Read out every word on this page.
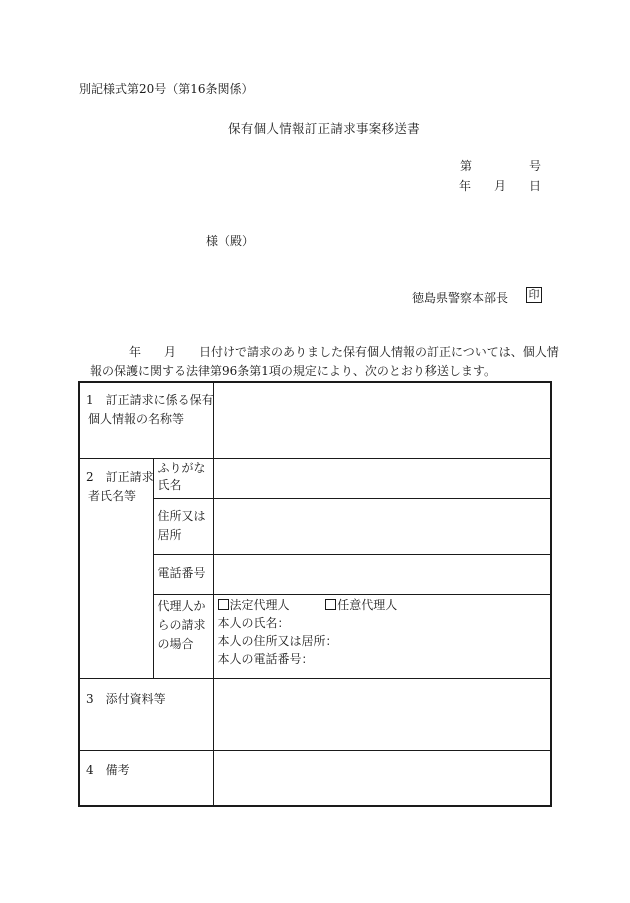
別記様式第20号（第16条関係）
保有個人情報訂正請求事案移送書
第	号
年 月 日
様（殿）
徳島県警察本部長 印
年 月 日付けで請求のありました保有個人情報の訂正については、個人情
報の保護に関する法律第96条第1項の規定により、次のとおり移送します。
1　訂正請求に係る保有
個人情報の名称等		

2　訂正請求
者氏名等	ふりがな
氏名	

	住所又は
居所	

	電話番号	

	代理人か
らの請求
の場合	法定代理人 任意代理人
本人の氏名：
本人の住所又は居所：
本人の電話番号：

3　添付資料等		

4　備考		
